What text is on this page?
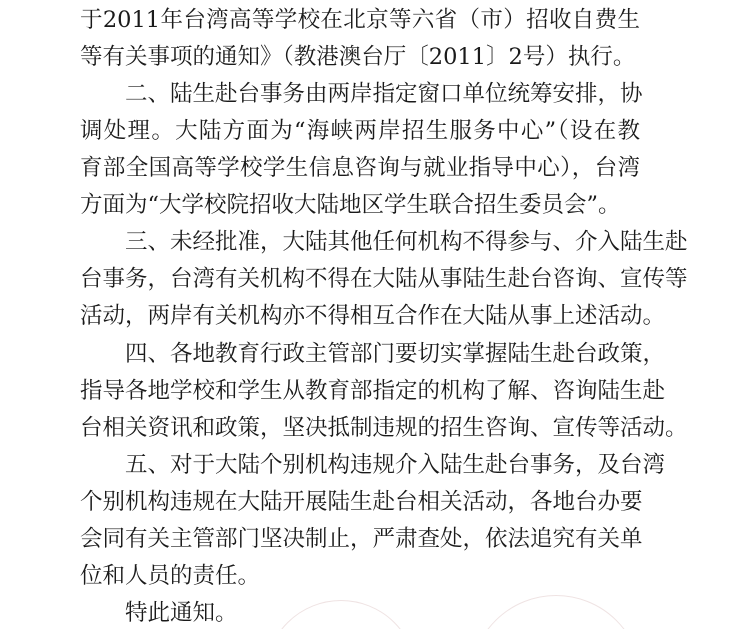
于2011年台湾高等学校在北京等六省（市）招收自费生
等有关事项的通知》（教港澳台厅〔2011〕2号）执行。
二、陆生赴台事务由两岸指定窗口单位统筹安排，协
调处理。大陆方面为“海峡两岸招生服务中心”（设在教
育部全国高等学校学生信息咨询与就业指导中心），台湾
方面为“大学校院招收大陆地区学生联合招生委员会”。
三、未经批准，大陆其他任何机构不得参与、介入陆生赴
台事务，台湾有关机构不得在大陆从事陆生赴台咨询、宣传等
活动，两岸有关机构亦不得相互合作在大陆从事上述活动。
四、各地教育行政主管部门要切实掌握陆生赴台政策，
指导各地学校和学生从教育部指定的机构了解、咨询陆生赴
台相关资讯和政策，坚决抵制违规的招生咨询、宣传等活动。
五、对于大陆个别机构违规介入陆生赴台事务，及台湾
个别机构违规在大陆开展陆生赴台相关活动，各地台办要
会同有关主管部门坚决制止，严肃查处，依法追究有关单
位和人员的责任。
特此通知。
